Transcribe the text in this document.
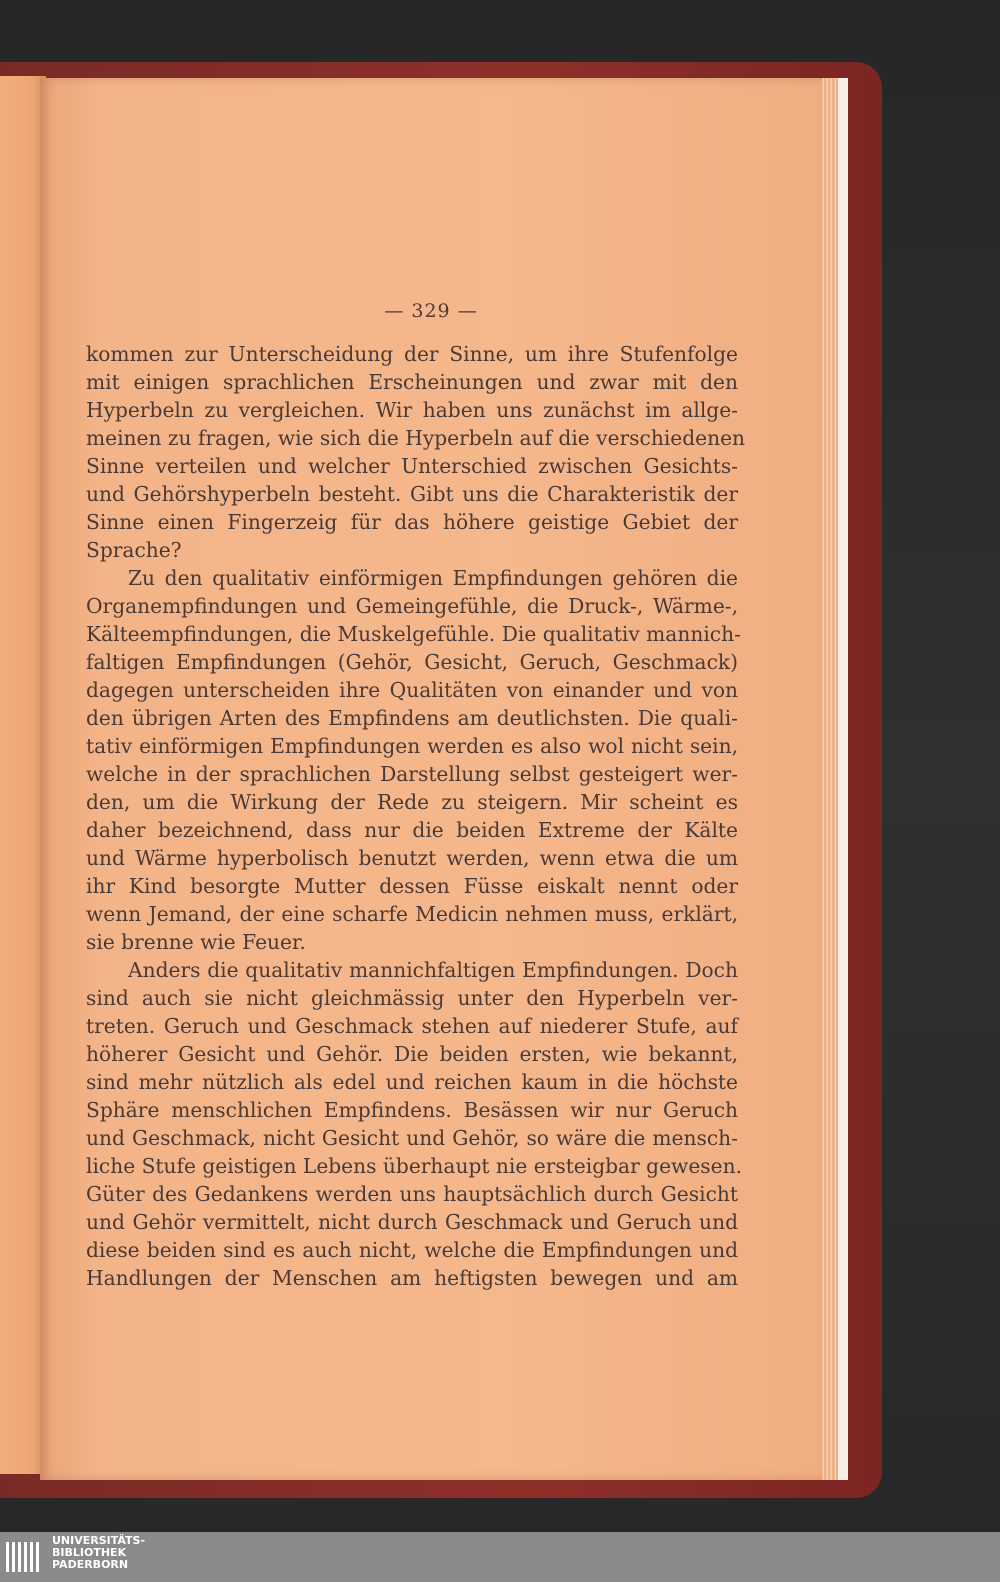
— 329 —

kommen zur Unterscheidung der Sinne, um ihre Stufenfolge

mit einigen sprachlichen Erscheinungen und zwar mit den

Hyperbeln zu vergleichen. Wir haben uns zunächst im allge-

meinen zu fragen, wie sich die Hyperbeln auf die verschiedenen

Sinne verteilen und welcher Unterschied zwischen Gesichts-

und Gehörshyperbeln besteht. Gibt uns die Charakteristik der

Sinne einen Fingerzeig für das höhere geistige Gebiet der

Sprache?

Zu den qualitativ einförmigen Empfindungen gehören die

Organempfindungen und Gemeingefühle, die Druck-, Wärme-,

Kälteempfindungen, die Muskelgefühle. Die qualitativ mannich-

faltigen Empfindungen (Gehör, Gesicht, Geruch, Geschmack)

dagegen unterscheiden ihre Qualitäten von einander und von

den übrigen Arten des Empfindens am deutlichsten. Die quali-

tativ einförmigen Empfindungen werden es also wol nicht sein,

welche in der sprachlichen Darstellung selbst gesteigert wer-

den, um die Wirkung der Rede zu steigern. Mir scheint es

daher bezeichnend, dass nur die beiden Extreme der Kälte

und Wärme hyperbolisch benutzt werden, wenn etwa die um

ihr Kind besorgte Mutter dessen Füsse eiskalt nennt oder

wenn Jemand, der eine scharfe Medicin nehmen muss, erklärt,

sie brenne wie Feuer.

Anders die qualitativ mannichfaltigen Empfindungen. Doch

sind auch sie nicht gleichmässig unter den Hyperbeln ver-

treten. Geruch und Geschmack stehen auf niederer Stufe, auf

höherer Gesicht und Gehör. Die beiden ersten, wie bekannt,

sind mehr nützlich als edel und reichen kaum in die höchste

Sphäre menschlichen Empfindens. Besässen wir nur Geruch

und Geschmack, nicht Gesicht und Gehör, so wäre die mensch-

liche Stufe geistigen Lebens überhaupt nie ersteigbar gewesen.

Güter des Gedankens werden uns hauptsächlich durch Gesicht

und Gehör vermittelt, nicht durch Geschmack und Geruch und

diese beiden sind es auch nicht, welche die Empfindungen und

Handlungen der Menschen am heftigsten bewegen und am

UNIVERSITÄTS-
BIBLIOTHEK
PADERBORN
